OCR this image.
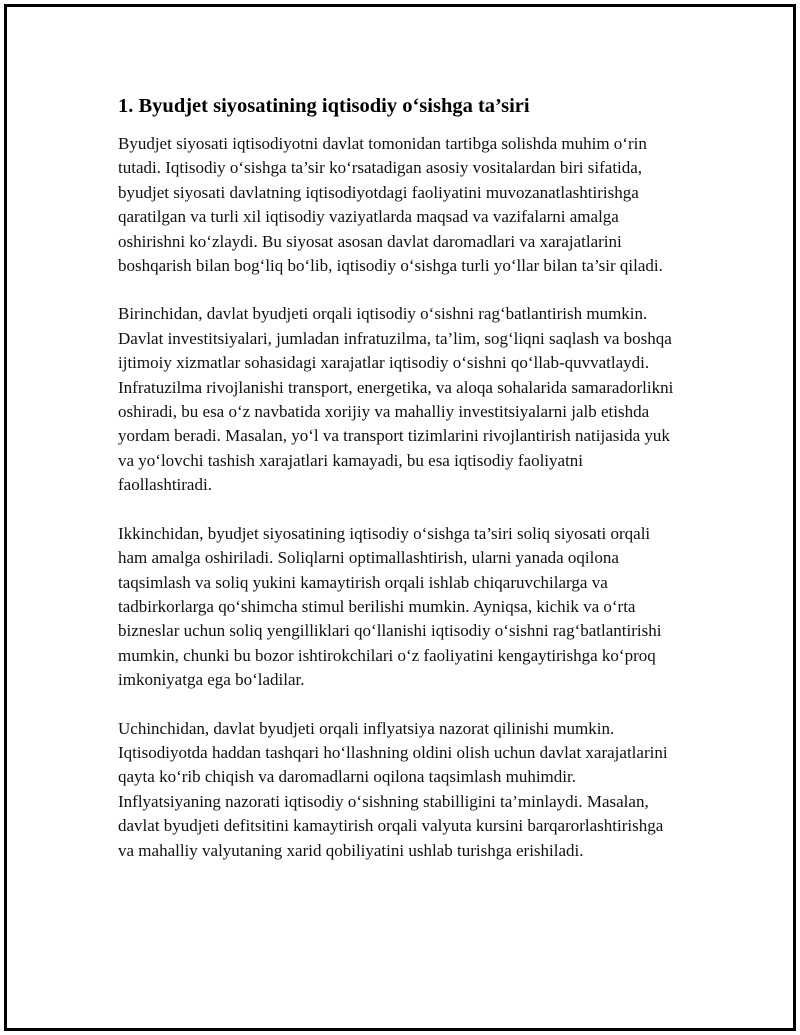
1. Byudjet siyosatining iqtisodiy o‘sishga ta’siri

Byudjet siyosati iqtisodiyotni davlat tomonidan tartibga solishda muhim o‘rin tutadi. Iqtisodiy o‘sishga ta’sir ko‘rsatadigan asosiy vositalardan biri sifatida, byudjet siyosati davlatning iqtisodiyotdagi faoliyatini muvozanatlashtirishga qaratilgan va turli xil iqtisodiy vaziyatlarda maqsad va vazifalarni amalga oshirishni ko‘zlaydi. Bu siyosat asosan davlat daromadlari va xarajatlarini boshqarish bilan bog‘liq bo‘lib, iqtisodiy o‘sishga turli yo‘llar bilan ta’sir qiladi.

Birinchidan, davlat byudjeti orqali iqtisodiy o‘sishni rag‘batlantirish mumkin. Davlat investitsiyalari, jumladan infratuzilma, ta’lim, sog‘liqni saqlash va boshqa ijtimoiy xizmatlar sohasidagi xarajatlar iqtisodiy o‘sishni qo‘llab-quvvatlaydi. Infratuzilma rivojlanishi transport, energetika, va aloqa sohalarida samaradorlikni oshiradi, bu esa o‘z navbatida xorijiy va mahalliy investitsiyalarni jalb etishda yordam beradi. Masalan, yo‘l va transport tizimlarini rivojlantirish natijasida yuk va yo‘lovchi tashish xarajatlari kamayadi, bu esa iqtisodiy faoliyatni faollashtiradi.

Ikkinchidan, byudjet siyosatining iqtisodiy o‘sishga ta’siri soliq siyosati orqali ham amalga oshiriladi. Soliqlarni optimallashtirish, ularni yanada oqilona taqsimlash va soliq yukini kamaytirish orqali ishlab chiqaruvchilarga va tadbirkorlarga qo‘shimcha stimul berilishi mumkin. Ayniqsa, kichik va o‘rta bizneslar uchun soliq yengilliklari qo‘llanishi iqtisodiy o‘sishni rag‘batlantirishi mumkin, chunki bu bozor ishtirokchilari o‘z faoliyatini kengaytirishga ko‘proq imkoniyatga ega bo‘ladilar.

Uchinchidan, davlat byudjeti orqali inflyatsiya nazorat qilinishi mumkin. Iqtisodiyotda haddan tashqari ho‘llashning oldini olish uchun davlat xarajatlarini qayta ko‘rib chiqish va daromadlarni oqilona taqsimlash muhimdir. Inflyatsiyaning nazorati iqtisodiy o‘sishning stabilligini ta’minlaydi. Masalan, davlat byudjeti defitsitini kamaytirish orqali valyuta kursini barqarorlashtirishga va mahalliy valyutaning xarid qobiliyatini ushlab turishga erishiladi.
